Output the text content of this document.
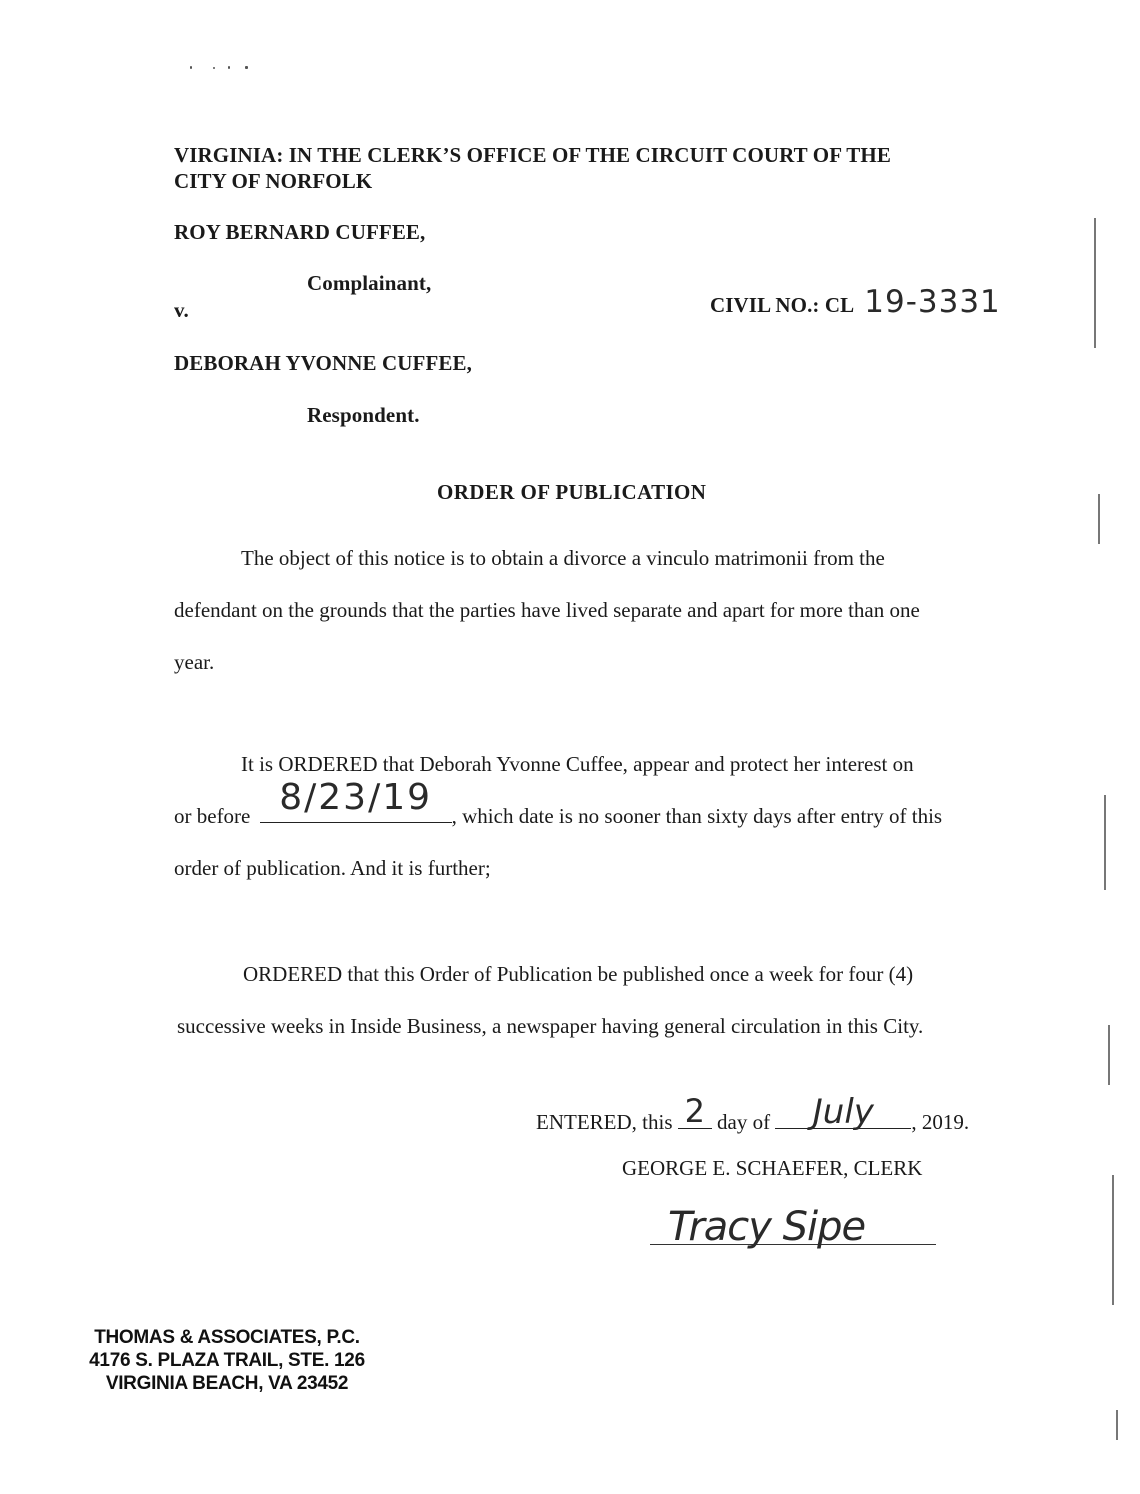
VIRGINIA: IN THE CLERK’S OFFICE OF THE CIRCUIT COURT OF THE
CITY OF NORFOLK
ROY BERNARD CUFFEE,
Complainant,
v.	CIVIL NO.: CL 19-3331
DEBORAH YVONNE CUFFEE,
Respondent.
ORDER OF PUBLICATION
The object of this notice is to obtain a divorce a vinculo matrimonii from the
defendant on the grounds that the parties have lived separate and apart for more than one
year.
It is ORDERED that Deborah Yvonne Cuffee, appear and protect her interest on
or before 8/23/19 , which date is no sooner than sixty days after entry of this
order of publication. And it is further;
ORDERED that this Order of Publication be published once a week for four (4)
successive weeks in Inside Business, a newspaper having general circulation in this City.
ENTERED, this 2 day of	July	, 2019.
GEORGE E. SCHAEFER, CLERK
Tracy Sipe
THOMAS & ASSOCIATES, P.C.
4176 S. PLAZA TRAIL, STE. 126
VIRGINIA BEACH, VA 23452
